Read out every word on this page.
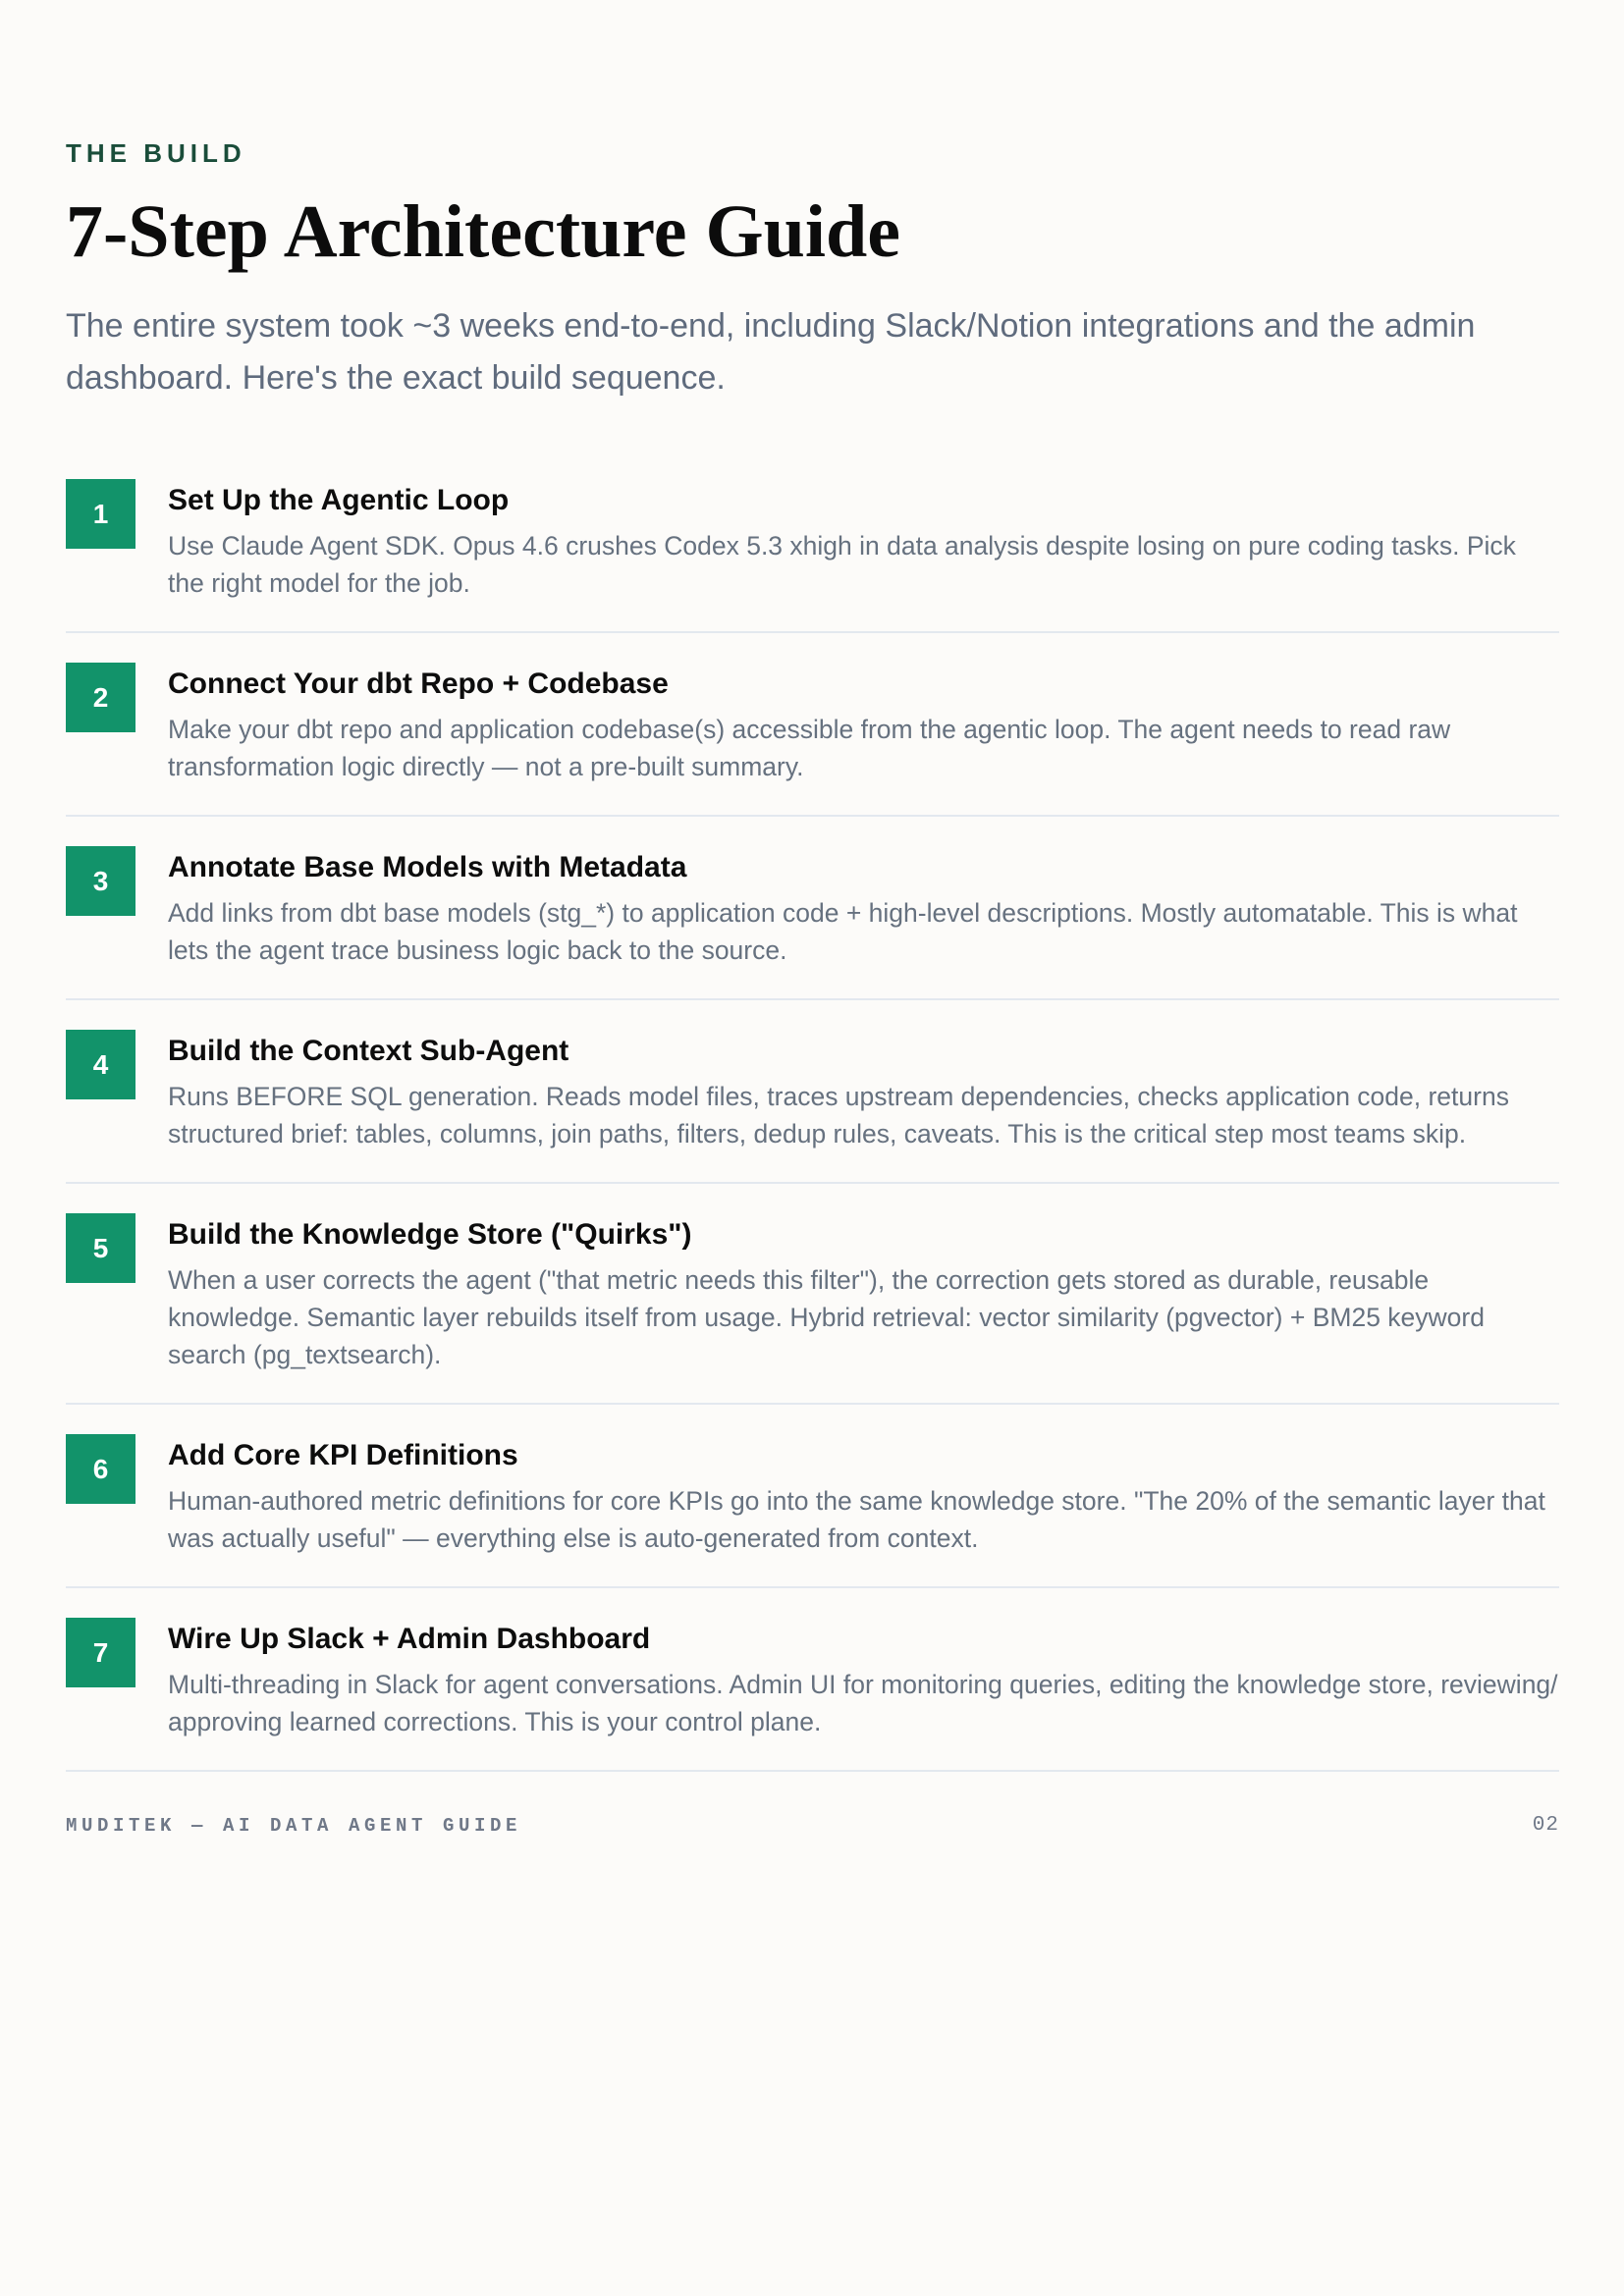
THE BUILD

7-Step Architecture Guide

The entire system took ~3 weeks end-to-end, including Slack/Notion integrations and the admin dashboard. Here's the exact build sequence.

1	Set Up the Agentic Loop

Use Claude Agent SDK. Opus 4.6 crushes Codex 5.3 xhigh in data analysis despite losing on pure coding tasks. Pick the right model for the job.

2	Connect Your dbt Repo + Codebase

Make your dbt repo and application codebase(s) accessible from the agentic loop. The agent needs to read raw transformation logic directly — not a pre-built summary.

3	Annotate Base Models with Metadata

Add links from dbt base models (stg_*) to application code + high-level descriptions. Mostly automatable. This is what lets the agent trace business logic back to the source.

4	Build the Context Sub-Agent

Runs BEFORE SQL generation. Reads model files, traces upstream dependencies, checks application code, returns structured brief: tables, columns, join paths, filters, dedup rules, caveats. This is the critical step most teams skip.

5	Build the Knowledge Store ("Quirks")

When a user corrects the agent ("that metric needs this filter"), the correction gets stored as durable, reusable knowledge. Semantic layer rebuilds itself from usage. Hybrid retrieval: vector similarity (pgvector) + BM25 keyword search (pg_textsearch).

6	Add Core KPI Definitions

Human-authored metric definitions for core KPIs go into the same knowledge store. "The 20% of the semantic layer that was actually useful" — everything else is auto-generated from context.

7	Wire Up Slack + Admin Dashboard

Multi-threading in Slack for agent conversations. Admin UI for monitoring queries, editing the knowledge store, reviewing/ approving learned corrections. This is your control plane.

MUDITEK — AI DATA AGENT GUIDE	02
